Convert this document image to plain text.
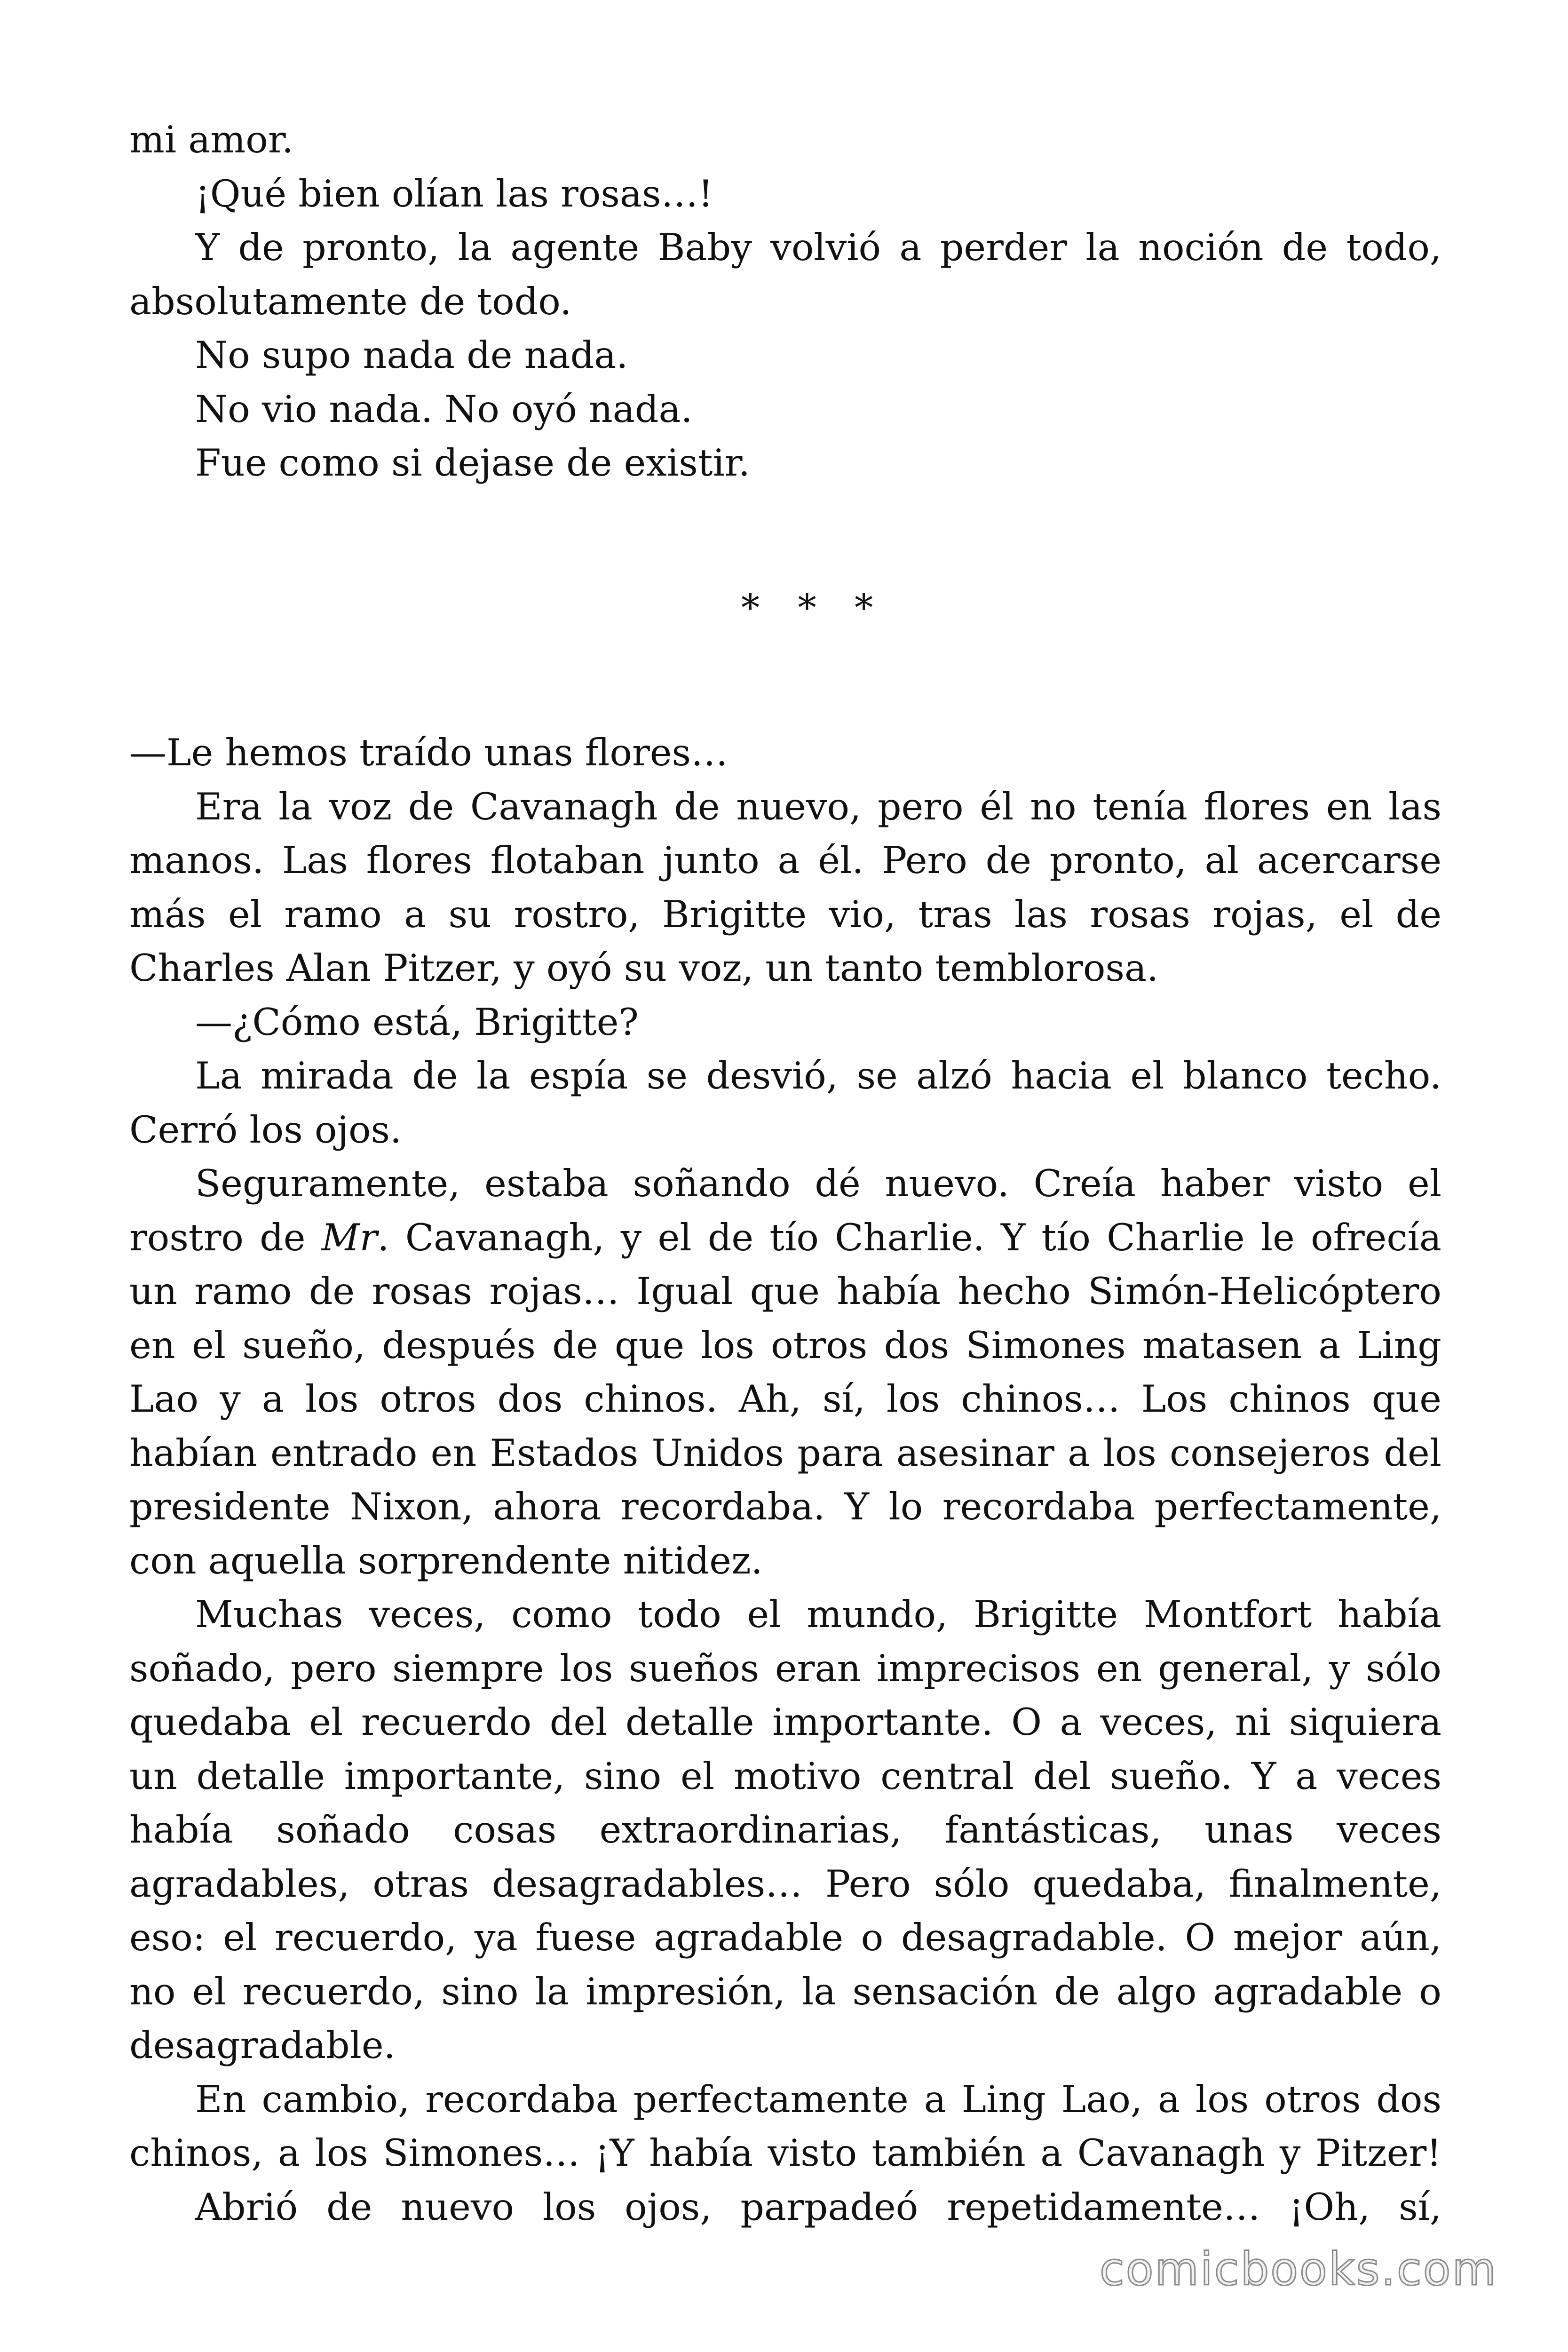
mi amor.

¡Qué bien olían las rosas…!

Y de pronto, la agente Baby volvió a perder la noción de todo,

absolutamente de todo.

No supo nada de nada.

No vio nada. No oyó nada.

Fue como si dejase de existir.

* * *

—Le hemos traído unas flores…

Era la voz de Cavanagh de nuevo, pero él no tenía flores en las

manos. Las flores flotaban junto a él. Pero de pronto, al acercarse

más el ramo a su rostro, Brigitte vio, tras las rosas rojas, el de

Charles Alan Pitzer, y oyó su voz, un tanto temblorosa.

—¿Cómo está, Brigitte?

La mirada de la espía se desvió, se alzó hacia el blanco techo.

Cerró los ojos.

Seguramente, estaba soñando dé nuevo. Creía haber visto el

rostro de Mr. Cavanagh, y el de tío Charlie. Y tío Charlie le ofrecía

un ramo de rosas rojas… Igual que había hecho Simón-Helicóptero

en el sueño, después de que los otros dos Simones matasen a Ling

Lao y a los otros dos chinos. Ah, sí, los chinos… Los chinos que

habían entrado en Estados Unidos para asesinar a los consejeros del

presidente Nixon, ahora recordaba. Y lo recordaba perfectamente,

con aquella sorprendente nitidez.

Muchas veces, como todo el mundo, Brigitte Montfort había

soñado, pero siempre los sueños eran imprecisos en general, y sólo

quedaba el recuerdo del detalle importante. O a veces, ni siquiera

un detalle importante, sino el motivo central del sueño. Y a veces

había soñado cosas extraordinarias, fantásticas, unas veces

agradables, otras desagradables… Pero sólo quedaba, finalmente,

eso: el recuerdo, ya fuese agradable o desagradable. O mejor aún,

no el recuerdo, sino la impresión, la sensación de algo agradable o

desagradable.

En cambio, recordaba perfectamente a Ling Lao, a los otros dos

chinos, a los Simones… ¡Y había visto también a Cavanagh y Pitzer!

Abrió de nuevo los ojos, parpadeó repetidamente… ¡Oh, sí,

comicbooks.com
